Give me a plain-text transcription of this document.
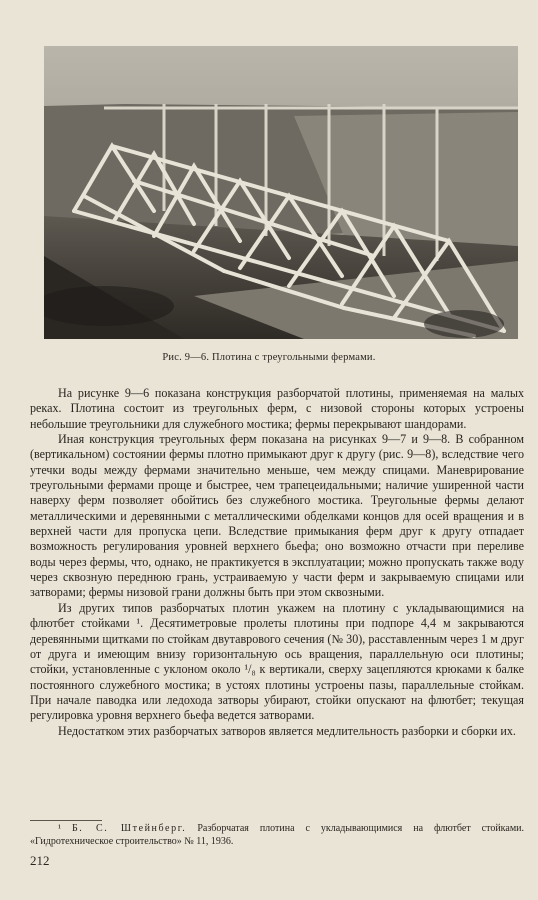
Рис. 9—6. Плотина с треугольными фермами.

На рисунке 9—6 показана конструкция разборчатой плотины, применяемая на малых реках. Плотина состоит из треугольных ферм, с низовой стороны которых устроены небольшие треугольники для служебного мостика; фермы перекрывают шандорами.

Иная конструкция треугольных ферм показана на рисунках 9—7 и 9—8. В собранном (вертикальном) состоянии фермы плотно примыкают друг к другу (рис. 9—8), вследствие чего утечки воды между фермами значительно меньше, чем между спицами. Маневрирование треугольными фермами проще и быстрее, чем трапецеидальными; наличие уширенной части наверху ферм позволяет обойтись без служебного мостика. Треугольные фермы делают металлическими и деревянными с металлическими обделками концов для осей вращения и в верхней части для пропуска цепи. Вследствие примыкания ферм друг к другу отпадает возможность регулирования уровней верхнего бьефа; оно возможно отчасти при переливе воды через фермы, что, однако, не практикуется в эксплуатации; можно пропускать также воду через сквозную переднюю грань, устраиваемую у части ферм и закрываемую спицами или затворами; фермы низовой грани должны быть при этом сквозными.

Из других типов разборчатых плотин укажем на плотину с укладывающимися на флютбет стойками ¹. Десятиметровые пролеты плотины при подпоре 4,4 м закрываются деревянными щитками по стойкам двутаврового сечения (№ 30), расставленным через 1 м друг от друга и имеющим внизу горизонтальную ось вращения, параллельную оси плотины; стойки, установленные с уклоном около ¹/₈ к вертикали, сверху зацепляются крюками к балке постоянного служебного мостика; в устоях плотины устроены пазы, параллельные стойкам. При начале паводка или ледохода затворы убирают, стойки опускают на флютбет; текущая регулировка уровня верхнего бьефа ведется затворами.

Недостатком этих разборчатых затворов является медлительность разборки и сборки их.

¹ Б. С. Штейнберг. Разборчатая плотина с укладывающимися на флютбет стойками. «Гидротехническое строительство» № 11, 1936.

212
